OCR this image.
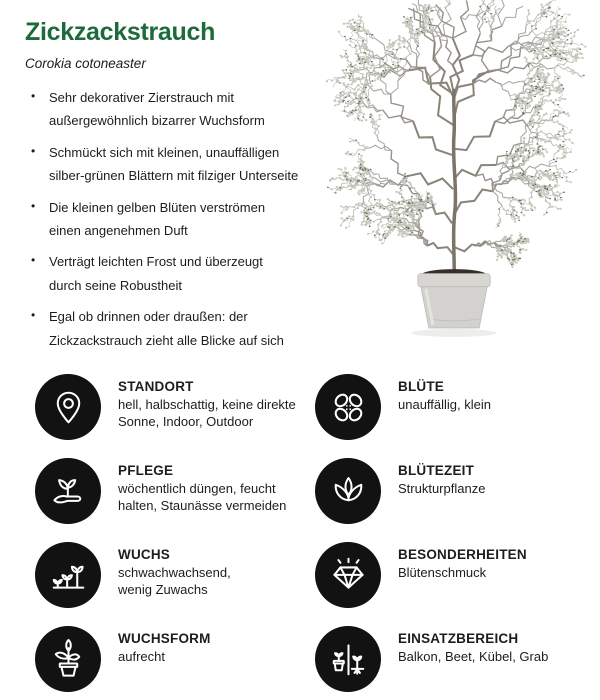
Zickzackstrauch

Corokia cotoneaster

• Sehr dekorativer Zierstrauch mit
außergewöhnlich bizarrer Wuchsform
• Schmückt sich mit kleinen, unauffälligen
silber-grünen Blättern mit filziger Unterseite
• Die kleinen gelben Blüten verströmen
einen angenehmen Duft
• Verträgt leichten Frost und überzeugt
durch seine Robustheit
• Egal ob drinnen oder draußen: der
Zickzackstrauch zieht alle Blicke auf sich
STANDORT
hell, halbschattig, keine direkte
Sonne, Indoor, Outdoor
BLÜTE
unauffällig, klein
PFLEGE
wöchentlich düngen, feucht
halten, Staunässe vermeiden
BLÜTEZEIT
Strukturpflanze
WUCHS
schwachwachsend,
wenig Zuwachs
BESONDERHEITEN
Blütenschmuck
WUCHSFORM
aufrecht
EINSATZBEREICH
Balkon, Beet, Kübel, Grab
